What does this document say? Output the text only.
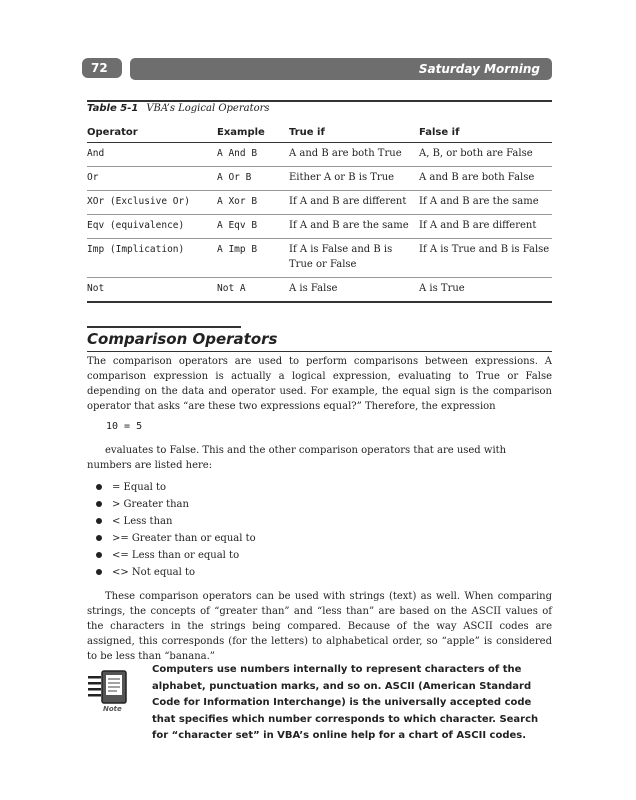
72	Saturday Morning
Table 5-1 VBA’s Logical Operators
Operator	Example	True if	False if
And	A And B	A and B are both True	A, B, or both are False
Or	A Or B	Either A or B is True	A and B are both False
XOr (Exclusive Or)	A Xor B	If A and B are different	If A and B are the same
Eqv (equivalence)	A Eqv B	If A and B are the same	If A and B are different
Imp (Implication)	A Imp B	If A is False and B is True or False	If A is True and B is False
Not	Not A	A is False	A is True
Comparison Operators

The comparison operators are used to perform comparisons between expressions. A comparison expression is actually a logical expression, evaluating to True or False depending on the data and operator used. For example, the equal sign is the comparison operator that asks “are these two expressions equal?” Therefore, the expression

10 = 5

evaluates to False. This and the other comparison operators that are used with numbers are listed here:

= Equal to
> Greater than
< Less than
>= Greater than or equal to
<= Less than or equal to
<> Not equal to

These comparison operators can be used with strings (text) as well. When comparing strings, the concepts of “greater than” and “less than” are based on the ASCII values of the characters in the strings being compared. Because of the way ASCII codes are assigned, this corresponds (for the letters) to alphabetical order, so “apple” is considered to be less than “banana.”

Note

Computers use numbers internally to represent characters of the alphabet, punctuation marks, and so on. ASCII (American Standard Code for Information Interchange) is the universally accepted code that specifies which number corresponds to which character. Search for “character set” in VBA’s online help for a chart of ASCII codes.
